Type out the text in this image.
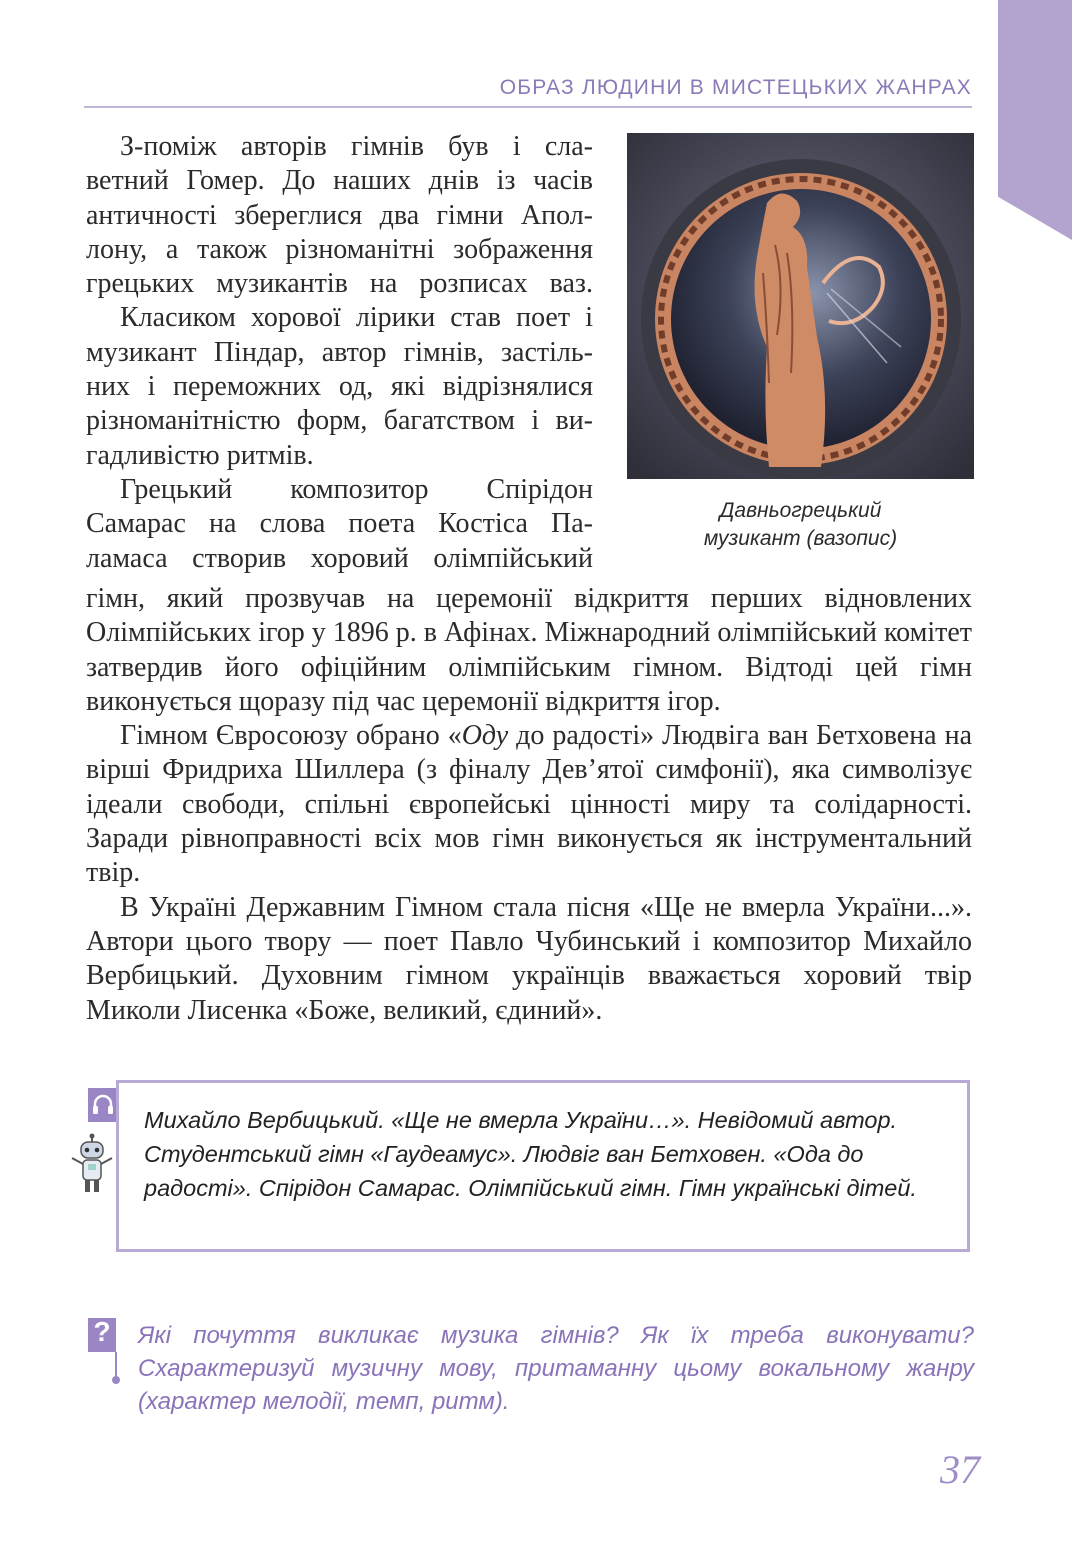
ОБРАЗ ЛЮДИНИ В МИСТЕЦЬКИХ ЖАНРАХ

З-поміж авторів гімнів був і сла-

ветний Гомер. До наших днів із часів

античності збереглися два гімни Апол-

лону, а також різноманітні зображення

грецьких музикантів на розписах ваз.

Класиком хорової лірики став поет і

музикант Піндар, автор гімнів, застіль-

них і переможних од, які відрізнялися

різноманітністю форм, багатством і ви-

гадливістю ритмів.

Грецький композитор Спірідон

Самарас на слова поета Костіса Па-

ламаса створив хоровий олімпійський

Давньогрецький
музикант (вазопис)

гімн, який прозвучав на церемонії відкриття перших відновлених Олімпійських ігор у 1896 р. в Афінах. Міжнародний олімпійський комітет затвердив його офіційним олімпійським гімном. Відтоді цей гімн виконується щоразу під час церемонії відкриття ігор.

Гімном Євросоюзу обрано «Оду до радості» Людвіга ван Бетховена на вірші Фридриха Шиллера (з фіналу Дев’ятої симфонії), яка символізує ідеали свободи, спільні європейські цінності миру та солідарності. Заради рівноправності всіх мов гімн виконується як інструментальний твір.

В Україні Державним Гімном стала пісня «Ще не вмерла України...». Автори цього твору — поет Павло Чубинський і композитор Михайло Вербицький. Духовним гімном українців вважається хоровий твір Миколи Лисенка «Боже, великий, єдиний».

Михайло Вербицький. «Ще не вмерла України…». Невідомий автор. Студентський гімн «Гаудеамус». Людвіг ван Бетховен. «Ода до радості». Спірідон Самарас. Олімпійський гімн. Гімн українські дітей.
? Які почуття викликає музика гімнів? Як їх треба виконувати? Схарактеризуй музичну мову, притаманну цьому вокальному жанру (характер мелодії, темп, ритм).

37
